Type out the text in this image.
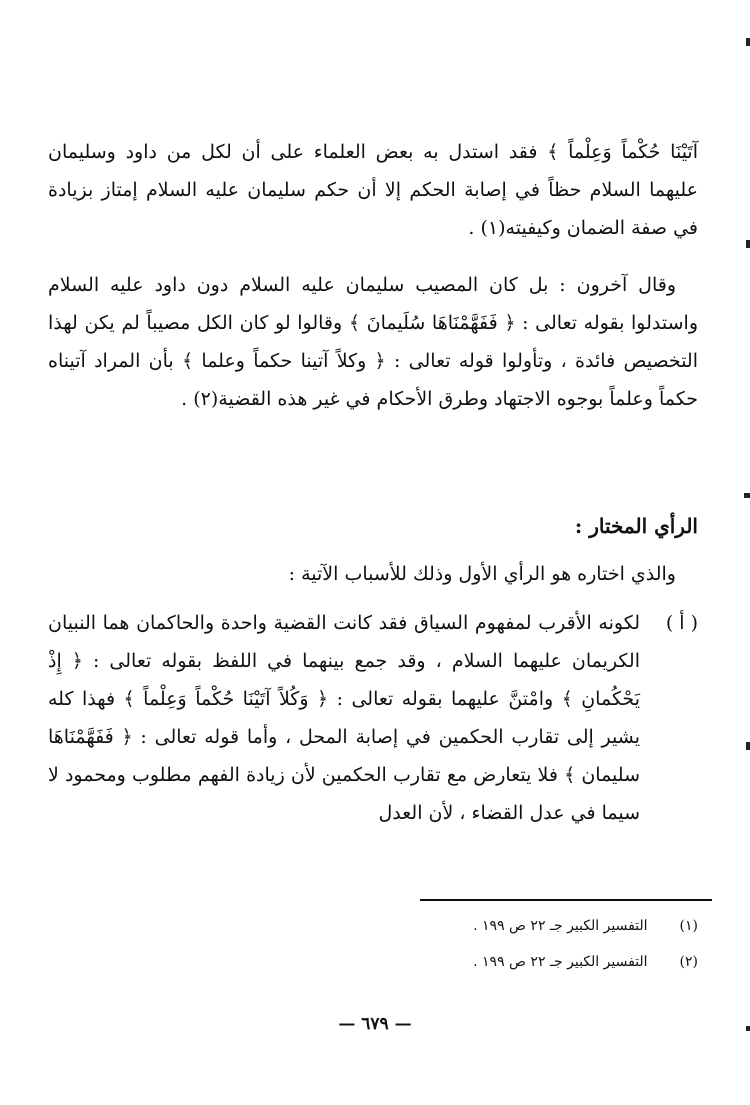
آتَيْنَا حُكْماً وَعِلْماً ﴾ فقد استدل به بعض العلماء على أن لكل من داود وسليمان عليهما السلام حظاً في إصابة الحكم إلا أن حكم سليمان عليه السلام إمتاز بزيادة في صفة الضمان وكيفيته(١) .
وقال آخرون : بل كان المصيب سليمان عليه السلام دون داود عليه السلام واستدلوا بقوله تعالى : ﴿ فَفَهَّمْنَاهَا سُلَيمانَ ﴾ وقالوا لو كان الكل مصيباً لم يكن لهذا التخصيص فائدة ، وتأولوا قوله تعالى : ﴿ وكلاً آتينا حكماً وعلما ﴾ بأن المراد آتيناه حكماً وعلماً بوجوه الاجتهاد وطرق الأحكام في غير هذه القضية(٢) .
الرأي المختار :
والذي اختاره هو الرأي الأول وذلك للأسباب الآتية :
( أ )
لكونه الأقرب لمفهوم السياق فقد كانت القضية واحدة والحاكمان هما النبيان الكريمان عليهما السلام ، وقد جمع بينهما في اللفظ بقوله تعالى : ﴿ إِذْ يَحْكُمانِ ﴾ وامْتنَّ عليهما بقوله تعالى : ﴿ وَكُلاً آتَيْنَا حُكْماً وَعِلْماً ﴾ فهذا كله يشير إلى تقارب الحكمين في إصابة المحل ، وأما قوله تعالى : ﴿ فَفَهَّمْنَاهَا سليمان ﴾ فلا يتعارض مع تقارب الحكمين لأن زيادة الفهم مطلوب ومحمود لا سيما في عدل القضاء ، لأن العدل
(١) التفسير الكبير جـ ٢٢ ص ١٩٩ .
(٢) التفسير الكبير جـ ٢٢ ص ١٩٩ .
— ٦٧٩ —
